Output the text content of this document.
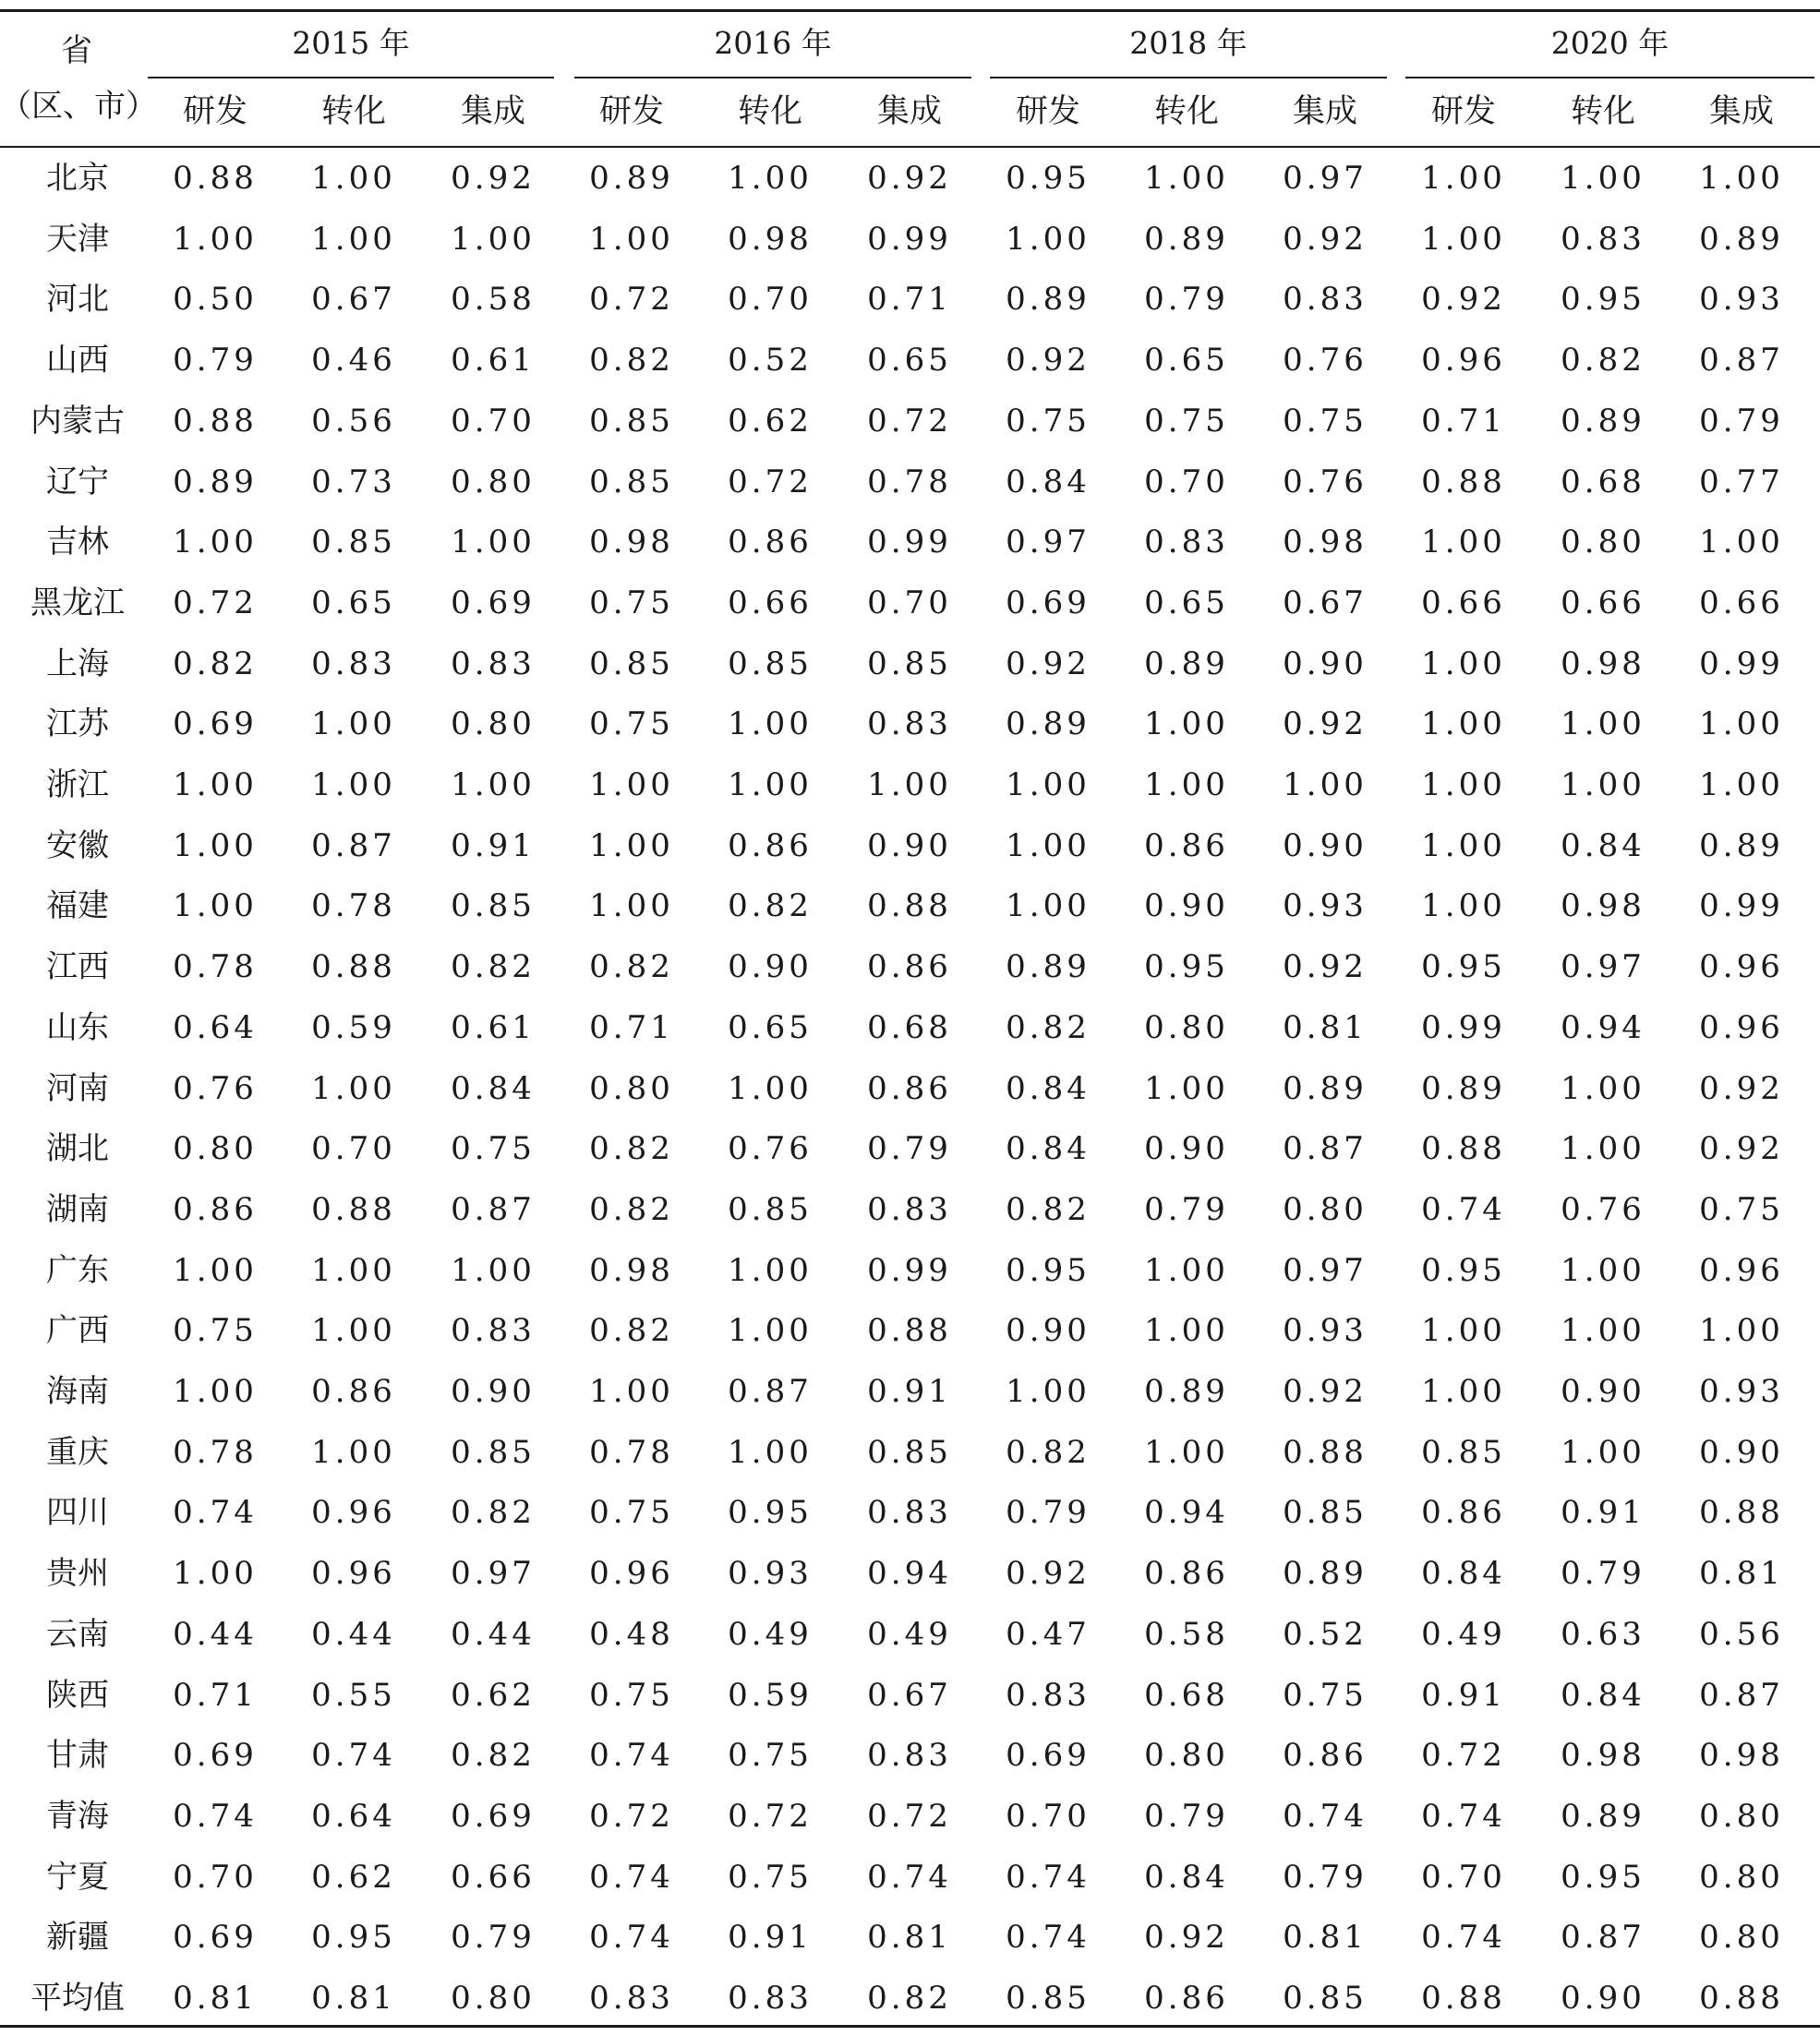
省
（区、市）
2015 年
研发	转化	集成
2016 年
研发	转化	集成
2018 年
研发	转化	集成
2020 年
研发	转化	集成
北京	0.88	1.00	0.92	0.89	1.00	0.92	0.95	1.00	0.97	1.00	1.00	1.00
天津	1.00	1.00	1.00	1.00	0.98	0.99	1.00	0.89	0.92	1.00	0.83	0.89
河北	0.50	0.67	0.58	0.72	0.70	0.71	0.89	0.79	0.83	0.92	0.95	0.93
山西	0.79	0.46	0.61	0.82	0.52	0.65	0.92	0.65	0.76	0.96	0.82	0.87
内蒙古	0.88	0.56	0.70	0.85	0.62	0.72	0.75	0.75	0.75	0.71	0.89	0.79
辽宁	0.89	0.73	0.80	0.85	0.72	0.78	0.84	0.70	0.76	0.88	0.68	0.77
吉林	1.00	0.85	1.00	0.98	0.86	0.99	0.97	0.83	0.98	1.00	0.80	1.00
黑龙江	0.72	0.65	0.69	0.75	0.66	0.70	0.69	0.65	0.67	0.66	0.66	0.66
上海	0.82	0.83	0.83	0.85	0.85	0.85	0.92	0.89	0.90	1.00	0.98	0.99
江苏	0.69	1.00	0.80	0.75	1.00	0.83	0.89	1.00	0.92	1.00	1.00	1.00
浙江	1.00	1.00	1.00	1.00	1.00	1.00	1.00	1.00	1.00	1.00	1.00	1.00
安徽	1.00	0.87	0.91	1.00	0.86	0.90	1.00	0.86	0.90	1.00	0.84	0.89
福建	1.00	0.78	0.85	1.00	0.82	0.88	1.00	0.90	0.93	1.00	0.98	0.99
江西	0.78	0.88	0.82	0.82	0.90	0.86	0.89	0.95	0.92	0.95	0.97	0.96
山东	0.64	0.59	0.61	0.71	0.65	0.68	0.82	0.80	0.81	0.99	0.94	0.96
河南	0.76	1.00	0.84	0.80	1.00	0.86	0.84	1.00	0.89	0.89	1.00	0.92
湖北	0.80	0.70	0.75	0.82	0.76	0.79	0.84	0.90	0.87	0.88	1.00	0.92
湖南	0.86	0.88	0.87	0.82	0.85	0.83	0.82	0.79	0.80	0.74	0.76	0.75
广东	1.00	1.00	1.00	0.98	1.00	0.99	0.95	1.00	0.97	0.95	1.00	0.96
广西	0.75	1.00	0.83	0.82	1.00	0.88	0.90	1.00	0.93	1.00	1.00	1.00
海南	1.00	0.86	0.90	1.00	0.87	0.91	1.00	0.89	0.92	1.00	0.90	0.93
重庆	0.78	1.00	0.85	0.78	1.00	0.85	0.82	1.00	0.88	0.85	1.00	0.90
四川	0.74	0.96	0.82	0.75	0.95	0.83	0.79	0.94	0.85	0.86	0.91	0.88
贵州	1.00	0.96	0.97	0.96	0.93	0.94	0.92	0.86	0.89	0.84	0.79	0.81
云南	0.44	0.44	0.44	0.48	0.49	0.49	0.47	0.58	0.52	0.49	0.63	0.56
陕西	0.71	0.55	0.62	0.75	0.59	0.67	0.83	0.68	0.75	0.91	0.84	0.87
甘肃	0.69	0.74	0.82	0.74	0.75	0.83	0.69	0.80	0.86	0.72	0.98	0.98
青海	0.74	0.64	0.69	0.72	0.72	0.72	0.70	0.79	0.74	0.74	0.89	0.80
宁夏	0.70	0.62	0.66	0.74	0.75	0.74	0.74	0.84	0.79	0.70	0.95	0.80
新疆	0.69	0.95	0.79	0.74	0.91	0.81	0.74	0.92	0.81	0.74	0.87	0.80
平均值	0.81	0.81	0.80	0.83	0.83	0.82	0.85	0.86	0.85	0.88	0.90	0.88
